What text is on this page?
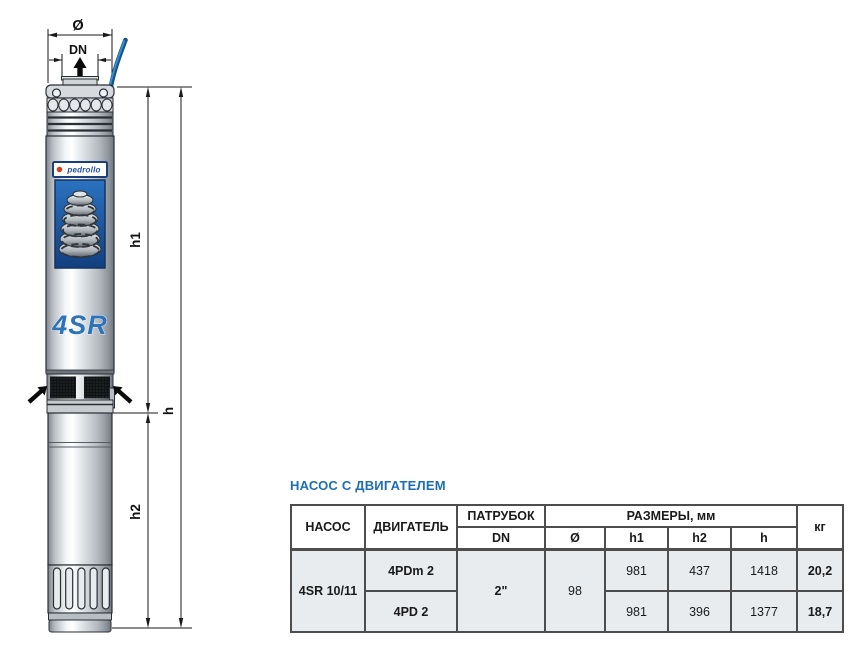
Ø
DN
pedrollo
4SR
h1
h2
h
НАСОС С ДВИГАТЕЛЕМ
НАСОС	ДВИГАТЕЛЬ	ПАТРУБОК	РАЗМЕРЫ, мм				кг
		DN	Ø	h1	h2	h	
4SR 10/11	4PDm 2	2"	98	981	437	1418	20,2
	4PD 2			981	396	1377	18,7
